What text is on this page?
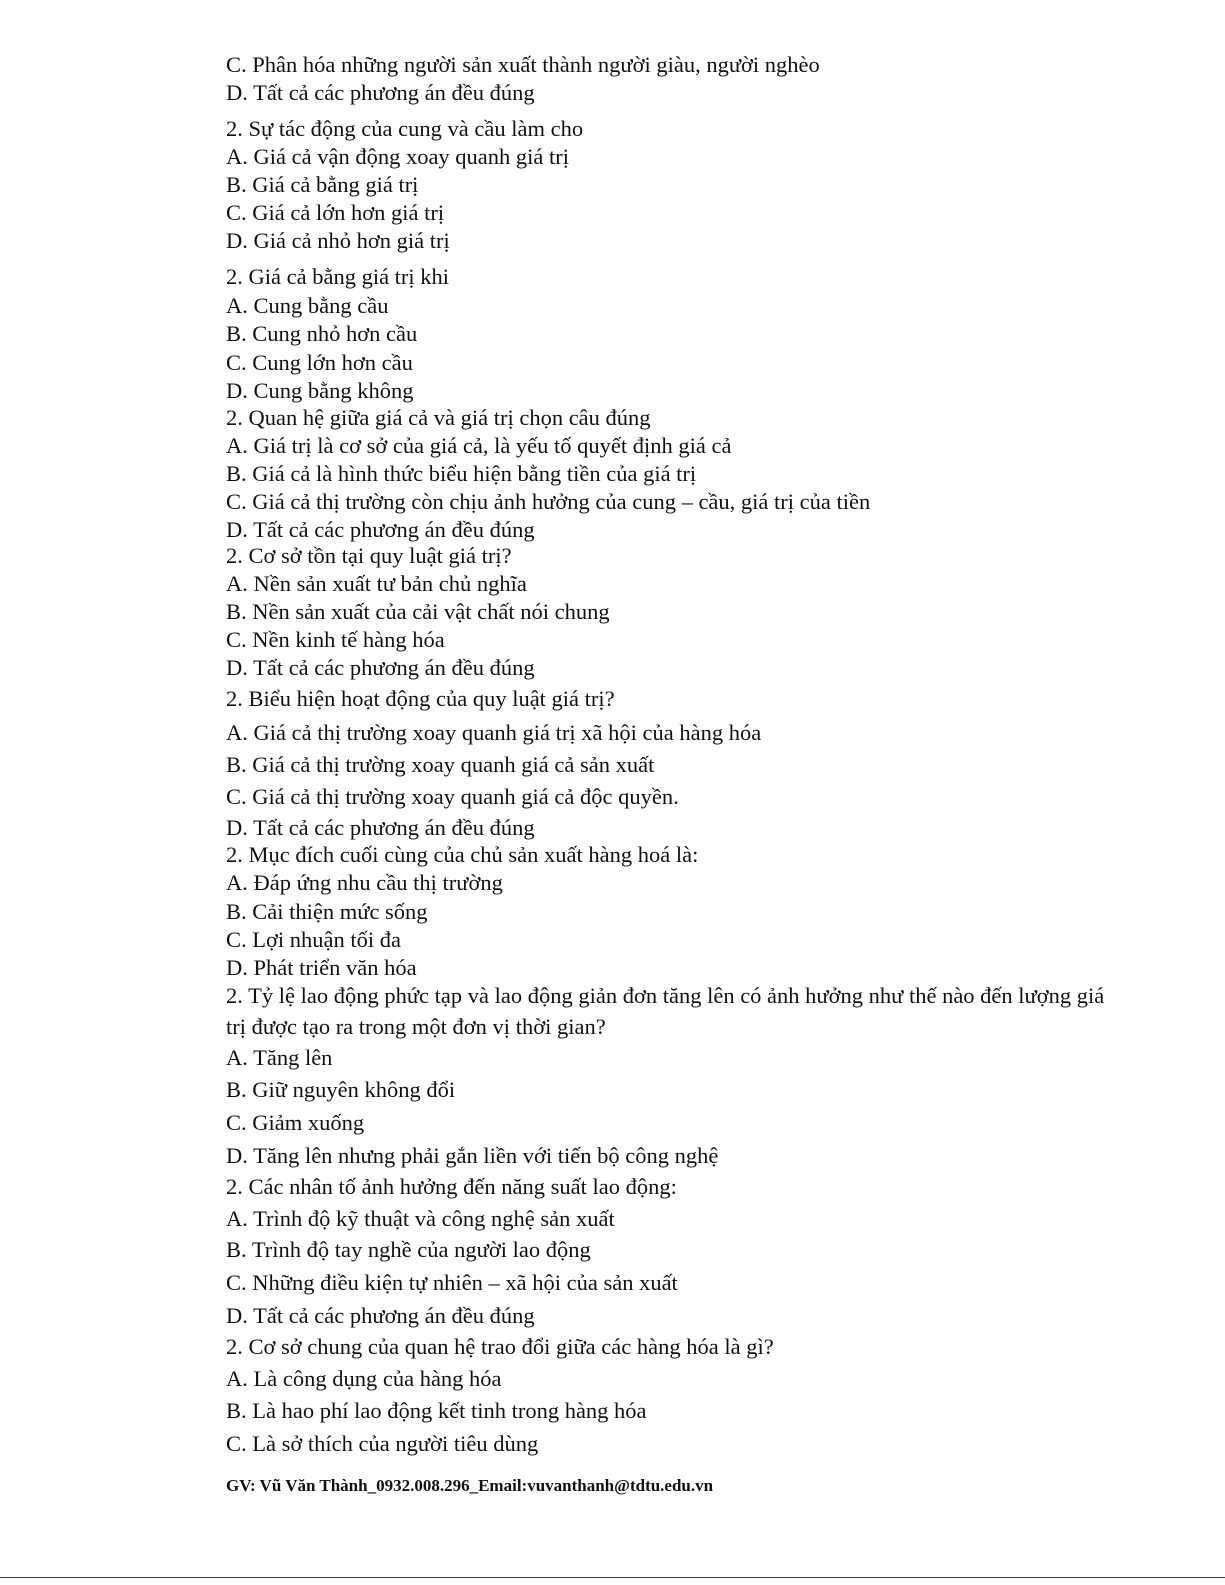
C. Phân hóa những người sản xuất thành người giàu, người nghèo

D. Tất cả các phương án đều đúng

2. Sự tác động của cung và cầu làm cho

A. Giá cả vận động xoay quanh giá trị

B. Giá cả bằng giá trị

C. Giá cả lớn hơn giá trị

D. Giá cả nhỏ hơn giá trị

2. Giá cả bằng giá trị khi

A. Cung bằng cầu

B. Cung nhỏ hơn cầu

C. Cung lớn hơn cầu

D. Cung bằng không

2. Quan hệ giữa giá cả và giá trị chọn câu đúng

A. Giá trị là cơ sở của giá cả, là yếu tố quyết định giá cả

B. Giá cả là hình thức biểu hiện bằng tiền của giá trị

C. Giá cả thị trường còn chịu ảnh hưởng của cung – cầu, giá trị của tiền

D. Tất cả các phương án đều đúng

2. Cơ sở tồn tại quy luật giá trị?

A. Nền sản xuất tư bản chủ nghĩa

B. Nền sản xuất của cải vật chất nói chung

C. Nền kinh tế hàng hóa

D. Tất cả các phương án đều đúng

2. Biểu hiện hoạt động của quy luật giá trị?

A. Giá cả thị trường xoay quanh giá trị xã hội của hàng hóa

B. Giá cả thị trường xoay quanh giá cả sản xuất

C. Giá cả thị trường xoay quanh giá cả độc quyền.

D. Tất cả các phương án đều đúng

2. Mục đích cuối cùng của chủ sản xuất hàng hoá là:

A. Đáp ứng nhu cầu thị trường

B. Cải thiện mức sống

C. Lợi nhuận tối đa

D. Phát triển văn hóa

2. Tỷ lệ lao động phức tạp và lao động giản đơn tăng lên có ảnh hưởng như thế nào đến lượng giá

trị được tạo ra trong một đơn vị thời gian?

A. Tăng lên

B. Giữ nguyên không đổi

C. Giảm xuống

D. Tăng lên nhưng phải gắn liền với tiến bộ công nghệ

2. Các nhân tố ảnh hưởng đến năng suất lao động:

A. Trình độ kỹ thuật và công nghệ sản xuất

B. Trình độ tay nghề của người lao động

C. Những điều kiện tự nhiên – xã hội của sản xuất

D. Tất cả các phương án đều đúng

2. Cơ sở chung của quan hệ trao đổi giữa các hàng hóa là gì?

A. Là công dụng của hàng hóa

B. Là hao phí lao động kết tinh trong hàng hóa

C. Là sở thích của người tiêu dùng

GV: Vũ Văn Thành_0932.008.296_Email:vuvanthanh@tdtu.edu.vn
